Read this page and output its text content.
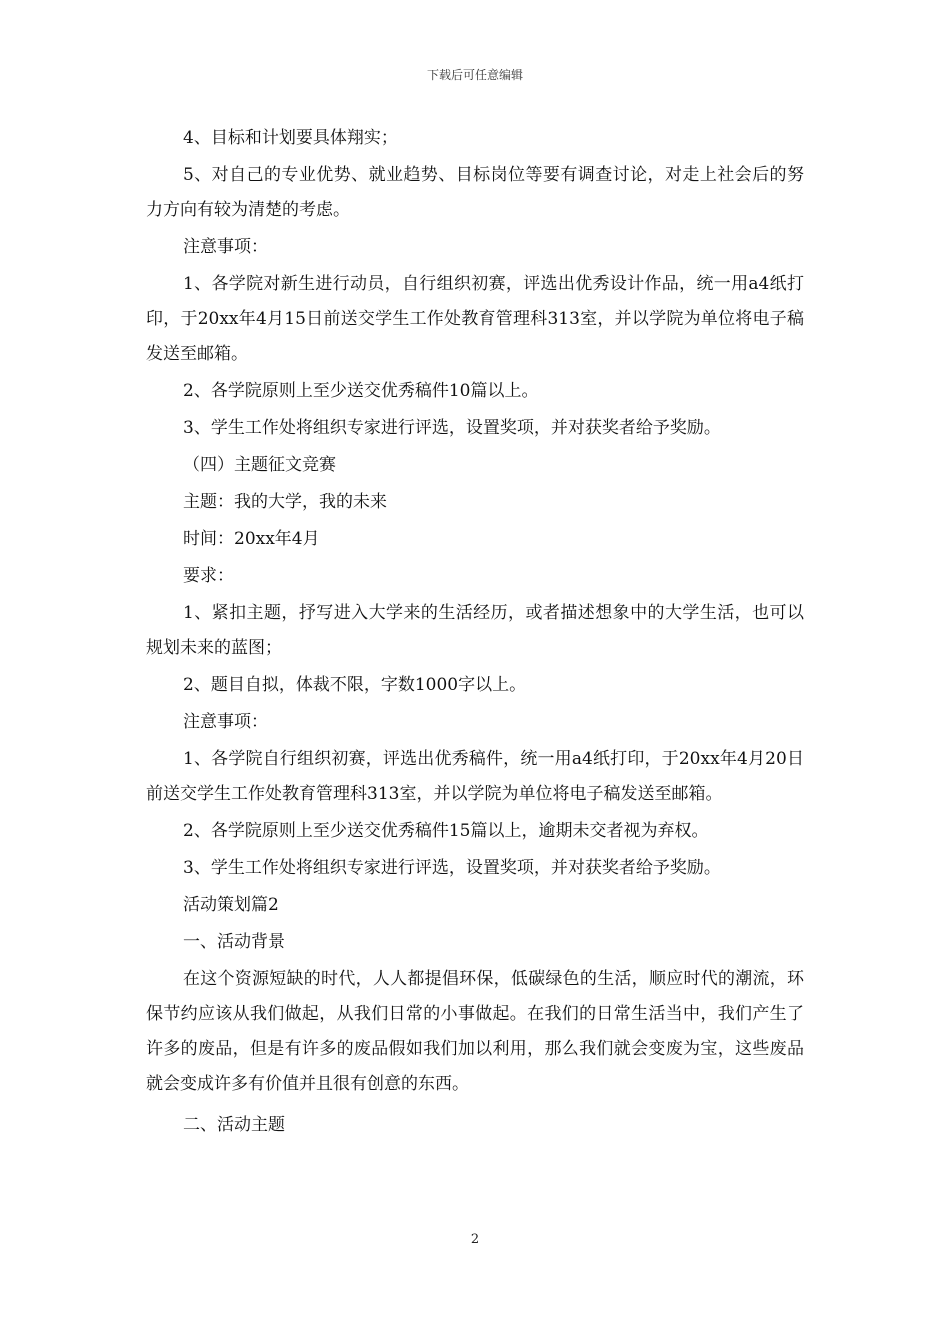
下载后可任意编辑

4、目标和计划要具体翔实；

5、对自己的专业优势、就业趋势、目标岗位等要有调查讨论，对走上社会后的努力方向有较为清楚的考虑。

注意事项：

1、各学院对新生进行动员，自行组织初赛，评选出优秀设计作品，统一用a4纸打印，于20xx年4月15日前送交学生工作处教育管理科313室，并以学院为单位将电子稿发送至邮箱。

2、各学院原则上至少送交优秀稿件10篇以上。

3、学生工作处将组织专家进行评选，设置奖项，并对获奖者给予奖励。

（四）主题征文竞赛

主题：我的大学，我的未来

时间：20xx年4月

要求：

1、紧扣主题，抒写进入大学来的生活经历，或者描述想象中的大学生活，也可以规划未来的蓝图；

2、题目自拟，体裁不限，字数1000字以上。

注意事项：

1、各学院自行组织初赛，评选出优秀稿件，统一用a4纸打印，于20xx年4月20日前送交学生工作处教育管理科313室，并以学院为单位将电子稿发送至邮箱。

2、各学院原则上至少送交优秀稿件15篇以上，逾期未交者视为弃权。

3、学生工作处将组织专家进行评选，设置奖项，并对获奖者给予奖励。

活动策划篇2

一、活动背景

在这个资源短缺的时代，人人都提倡环保，低碳绿色的生活，顺应时代的潮流，环保节约应该从我们做起，从我们日常的小事做起。在我们的日常生活当中，我们产生了许多的废品，但是有许多的废品假如我们加以利用，那么我们就会变废为宝，这些废品就会变成许多有价值并且很有创意的东西。

二、活动主题

2
